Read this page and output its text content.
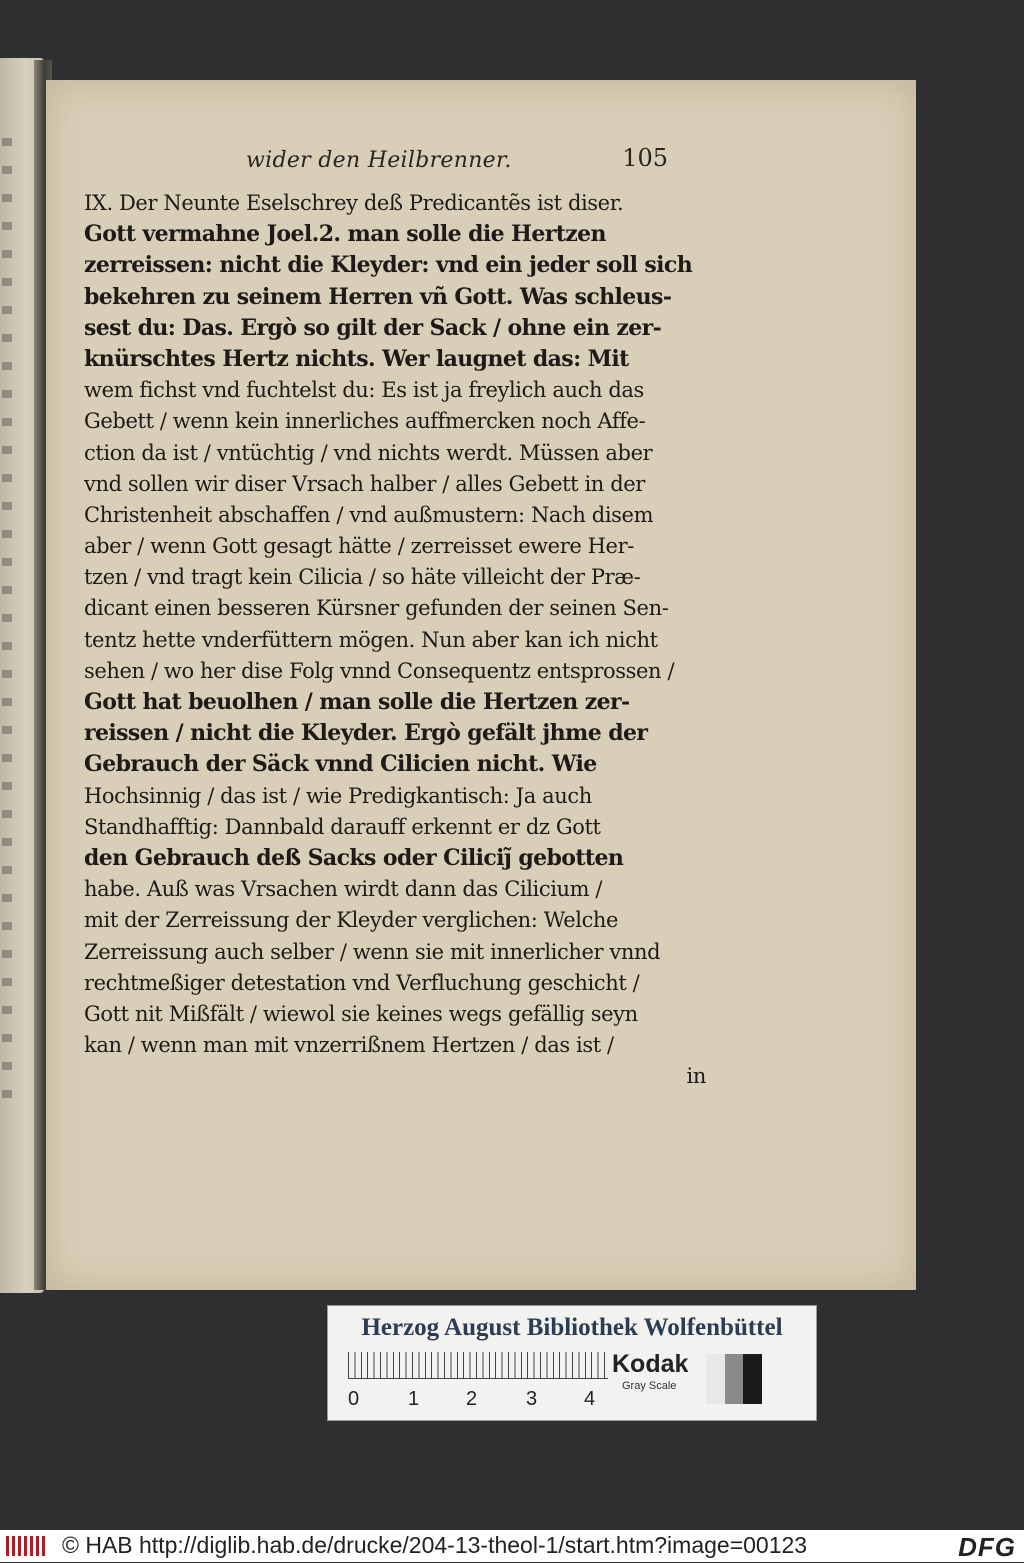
wider den Heilbrenner.	105
IX. Der Neunte Eselschrey deß Predicantẽs ist diser.
Gott vermahne Joel.2. man solle die Hertzen
zerreissen: nicht die Kleyder: vnd ein jeder soll sich
bekehren zu seinem Herren vñ Gott. Was schleus-
sest du: Das. Ergò so gilt der Sack / ohne ein zer-
knürschtes Hertz nichts. Wer laugnet das: Mit
wem fichst vnd fuchtelst du: Es ist ja freylich auch das
Gebett / wenn kein innerliches auffmercken noch Affe-
ction da ist / vntüchtig / vnd nichts werdt. Müssen aber
vnd sollen wir diser Vrsach halber / alles Gebett in der
Christenheit abschaffen / vnd außmustern: Nach disem
aber / wenn Gott gesagt hätte / zerreisset ewere Her-
tzen / vnd tragt kein Cilicia / so häte villeicht der Præ-
dicant einen besseren Kürsner gefunden der seinen Sen-
tentz hette vnderfüttern mögen. Nun aber kan ich nicht
sehen / wo her dise Folg vnnd Consequentz entsprossen /
Gott hat beuolhen / man solle die Hertzen zer-
reissen / nicht die Kleyder. Ergò gefält jhme der
Gebrauch der Säck vnnd Cilicien nicht. Wie
Hochsinnig / das ist / wie Predigkantisch: Ja auch
Standhafftig: Dannbald darauff erkennt er dz Gott
den Gebrauch deß Sacks oder Ciliciȷ̃ gebotten
habe. Auß was Vrsachen wirdt dann das Cilicium /
mit der Zerreissung der Kleyder verglichen: Welche
Zerreissung auch selber / wenn sie mit innerlicher vnnd
rechtmeßiger detestation vnd Verfluchung geschicht /
Gott nit Mißfält / wiewol sie keines wegs gefällig seyn
kan / wenn man mit vnzerrißnem Hertzen / das ist /
in
Herzog August Bibliothek Wolfenbüttel
0 1 2 3 4
Kodak
Gray Scale
© HAB http://diglib.hab.de/drucke/204-13-theol-1/start.htm?image=00123	DFG
